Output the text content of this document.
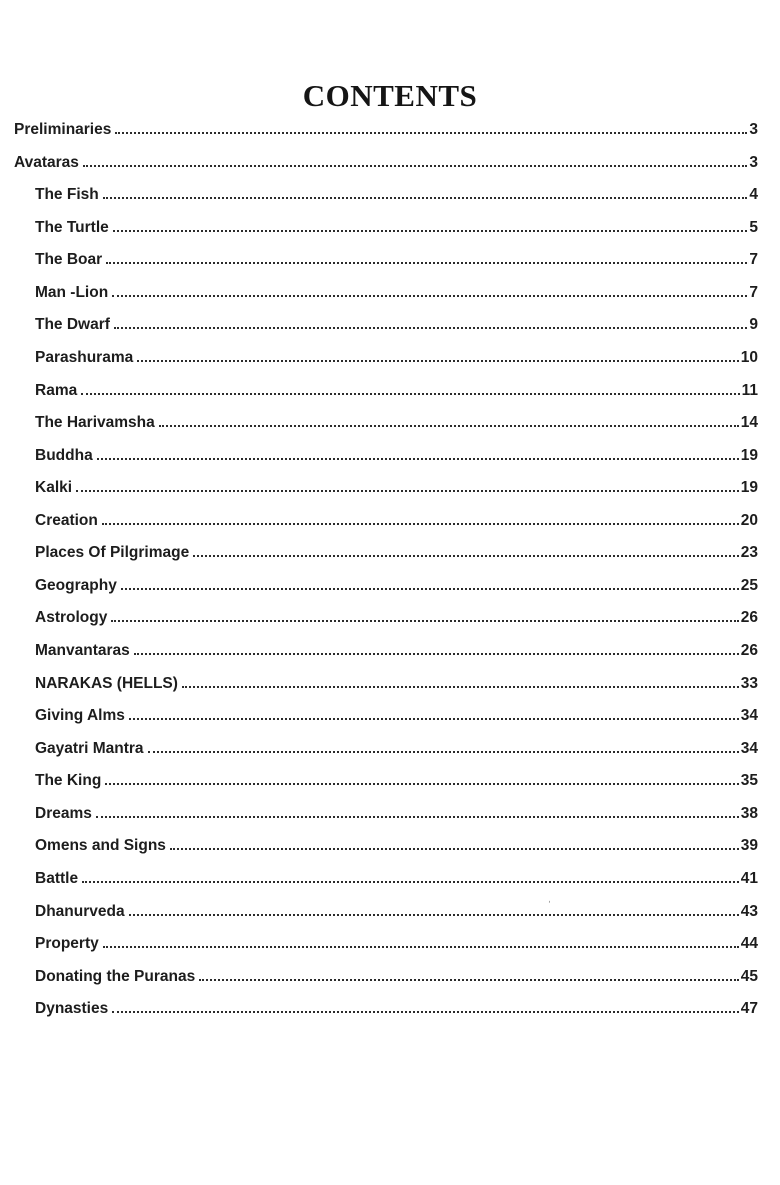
CONTENTS
Preliminaries	3
Avataras	3
The Fish	4
The Turtle	5
The Boar	7
Man -Lion	7
The Dwarf	9
Parashurama	10
Rama	11
The Harivamsha	14
Buddha	19
Kalki	19
Creation	20
Places Of Pilgrimage	23
Geography	25
Astrology	26
Manvantaras	26
NARAKAS (HELLS)	33
Giving Alms	34
Gayatri Mantra	34
The King	35
Dreams	38
Omens and Signs	39
Battle	41
Dhanurveda	43
Property	44
Donating the Puranas	45
Dynasties	47
'
